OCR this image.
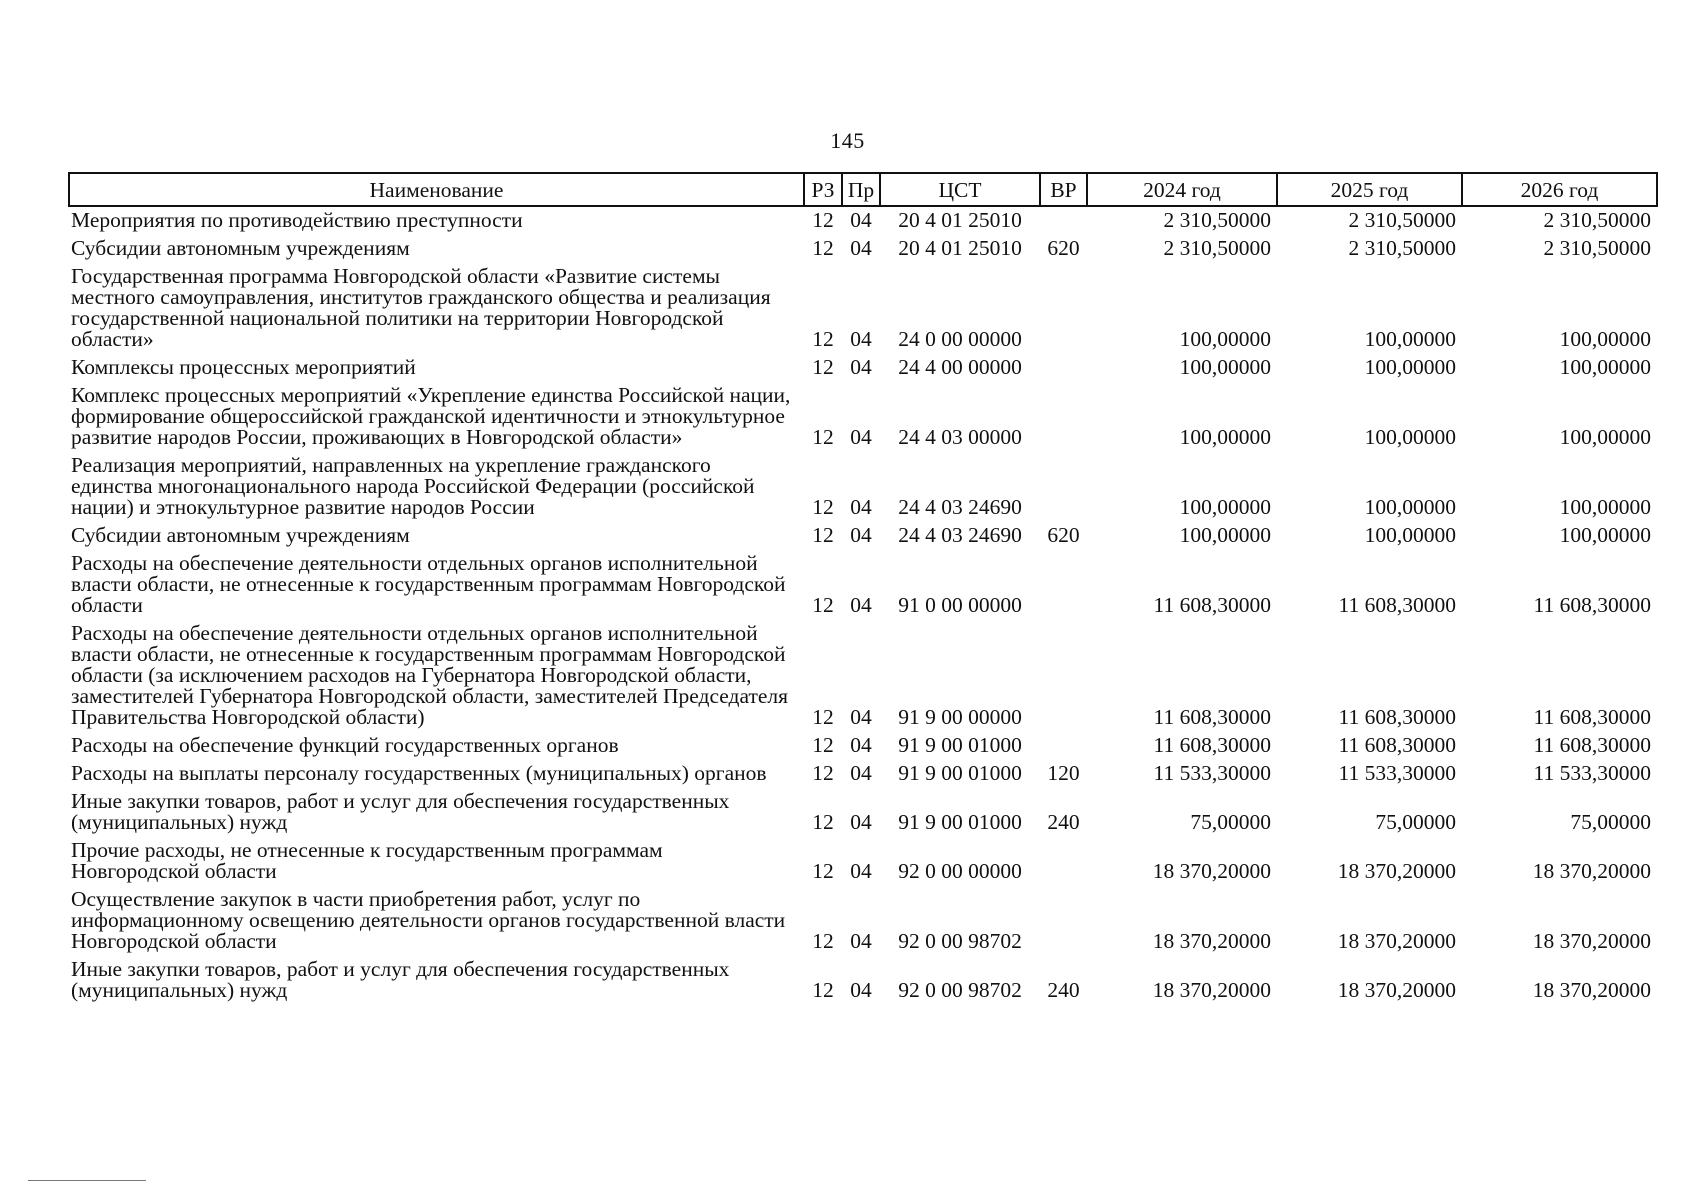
145
Наименование	РЗ	Пр	ЦСТ	ВР	2024 год	2025 год	2026 год
Мероприятия по противодействию преступности	12	04	20 4 01 25010		2 310,50000	2 310,50000	2 310,50000
Субсидии автономным учреждениям	12	04	20 4 01 25010	620	2 310,50000	2 310,50000	2 310,50000
Государственная программа Новгородской области «Развитие системы местного самоуправления, институтов гражданского общества и реализация государственной национальной политики на территории Новгородской области»	12	04	24 0 00 00000		100,00000	100,00000	100,00000
Комплексы процессных мероприятий	12	04	24 4 00 00000		100,00000	100,00000	100,00000
Комплекс процессных мероприятий «Укрепление единства Российской нации, формирование общероссийской гражданской идентичности и этнокультурное развитие народов России, проживающих в Новгородской области»	12	04	24 4 03 00000		100,00000	100,00000	100,00000
Реализация мероприятий, направленных на укрепление гражданского единства многонационального народа Российской Федерации (российской нации) и этнокультурное развитие народов России	12	04	24 4 03 24690		100,00000	100,00000	100,00000
Субсидии автономным учреждениям	12	04	24 4 03 24690	620	100,00000	100,00000	100,00000
Расходы на обеспечение деятельности отдельных органов исполнительной власти области, не отнесенные к государственным программам Новгородской области	12	04	91 0 00 00000		11 608,30000	11 608,30000	11 608,30000
Расходы на обеспечение деятельности отдельных органов исполнительной власти области, не отнесенные к государственным программам Новгородской области (за исключением расходов на Губернатора Новгородской области, заместителей Губернатора Новгородской области, заместителей Председателя Правительства Новгородской области)	12	04	91 9 00 00000		11 608,30000	11 608,30000	11 608,30000
Расходы на обеспечение функций государственных органов	12	04	91 9 00 01000		11 608,30000	11 608,30000	11 608,30000
Расходы на выплаты персоналу государственных (муниципальных) органов	12	04	91 9 00 01000	120	11 533,30000	11 533,30000	11 533,30000
Иные закупки товаров, работ и услуг для обеспечения государственных (муниципальных) нужд	12	04	91 9 00 01000	240	75,00000	75,00000	75,00000
Прочие расходы, не отнесенные к государственным программам Новгородской области	12	04	92 0 00 00000		18 370,20000	18 370,20000	18 370,20000
Осуществление закупок в части приобретения работ, услуг по информационному освещению деятельности органов государственной власти Новгородской области	12	04	92 0 00 98702		18 370,20000	18 370,20000	18 370,20000
Иные закупки товаров, работ и услуг для обеспечения государственных (муниципальных) нужд	12	04	92 0 00 98702	240	18 370,20000	18 370,20000	18 370,20000
